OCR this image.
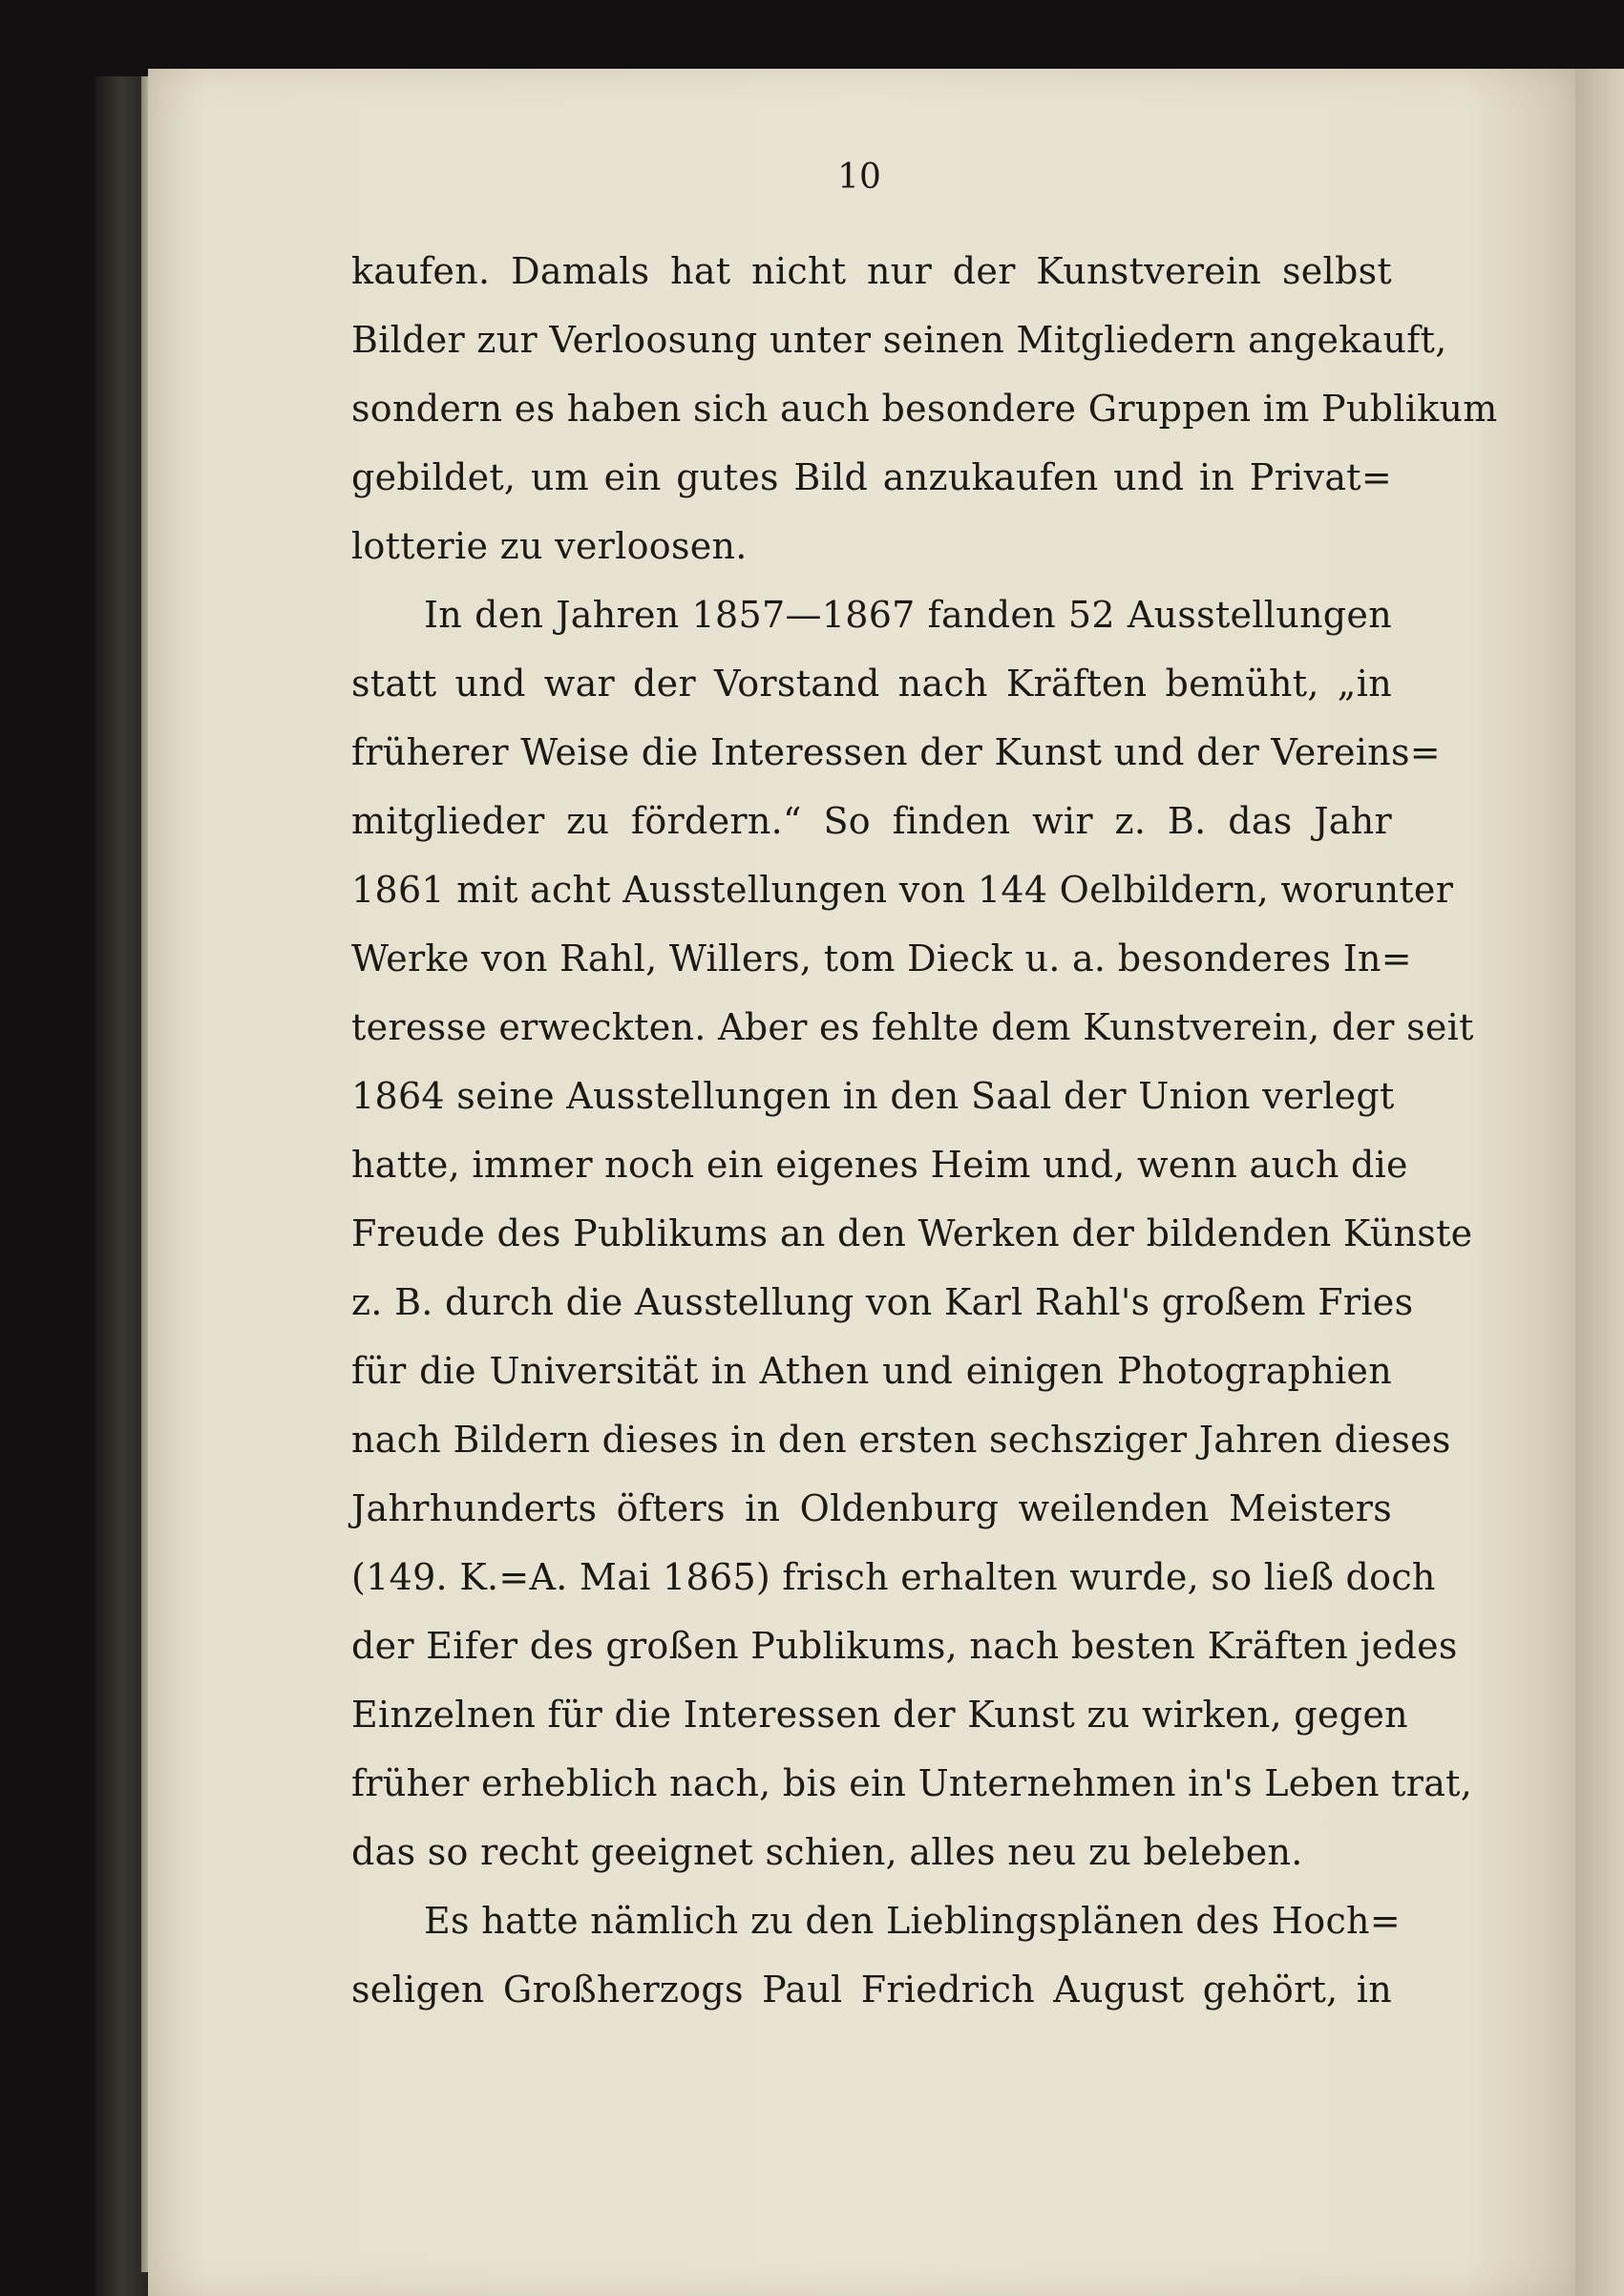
10
kaufen. Damals hat nicht nur der Kunstverein selbst
Bilder zur Verloosung unter seinen Mitgliedern angekauft,
sondern es haben sich auch besondere Gruppen im Publikum
gebildet, um ein gutes Bild anzukaufen und in Privat=
lotterie zu verloosen.
In den Jahren 1857—1867 fanden 52 Ausstellungen
statt und war der Vorstand nach Kräften bemüht, „in
früherer Weise die Interessen der Kunst und der Vereins=
mitglieder zu fördern.“ So finden wir z. B. das Jahr
1861 mit acht Ausstellungen von 144 Oelbildern, worunter
Werke von Rahl, Willers, tom Dieck u. a. besonderes In=
teresse erweckten. Aber es fehlte dem Kunstverein, der seit
1864 seine Ausstellungen in den Saal der Union verlegt
hatte, immer noch ein eigenes Heim und, wenn auch die
Freude des Publikums an den Werken der bildenden Künste
z. B. durch die Ausstellung von Karl Rahl's großem Fries
für die Universität in Athen und einigen Photographien
nach Bildern dieses in den ersten sechsziger Jahren dieses
Jahrhunderts öfters in Oldenburg weilenden Meisters
(149. K.=A. Mai 1865) frisch erhalten wurde, so ließ doch
der Eifer des großen Publikums, nach besten Kräften jedes
Einzelnen für die Interessen der Kunst zu wirken, gegen
früher erheblich nach, bis ein Unternehmen in's Leben trat,
das so recht geeignet schien, alles neu zu beleben.
Es hatte nämlich zu den Lieblingsplänen des Hoch=
seligen Großherzogs Paul Friedrich August gehört, in
